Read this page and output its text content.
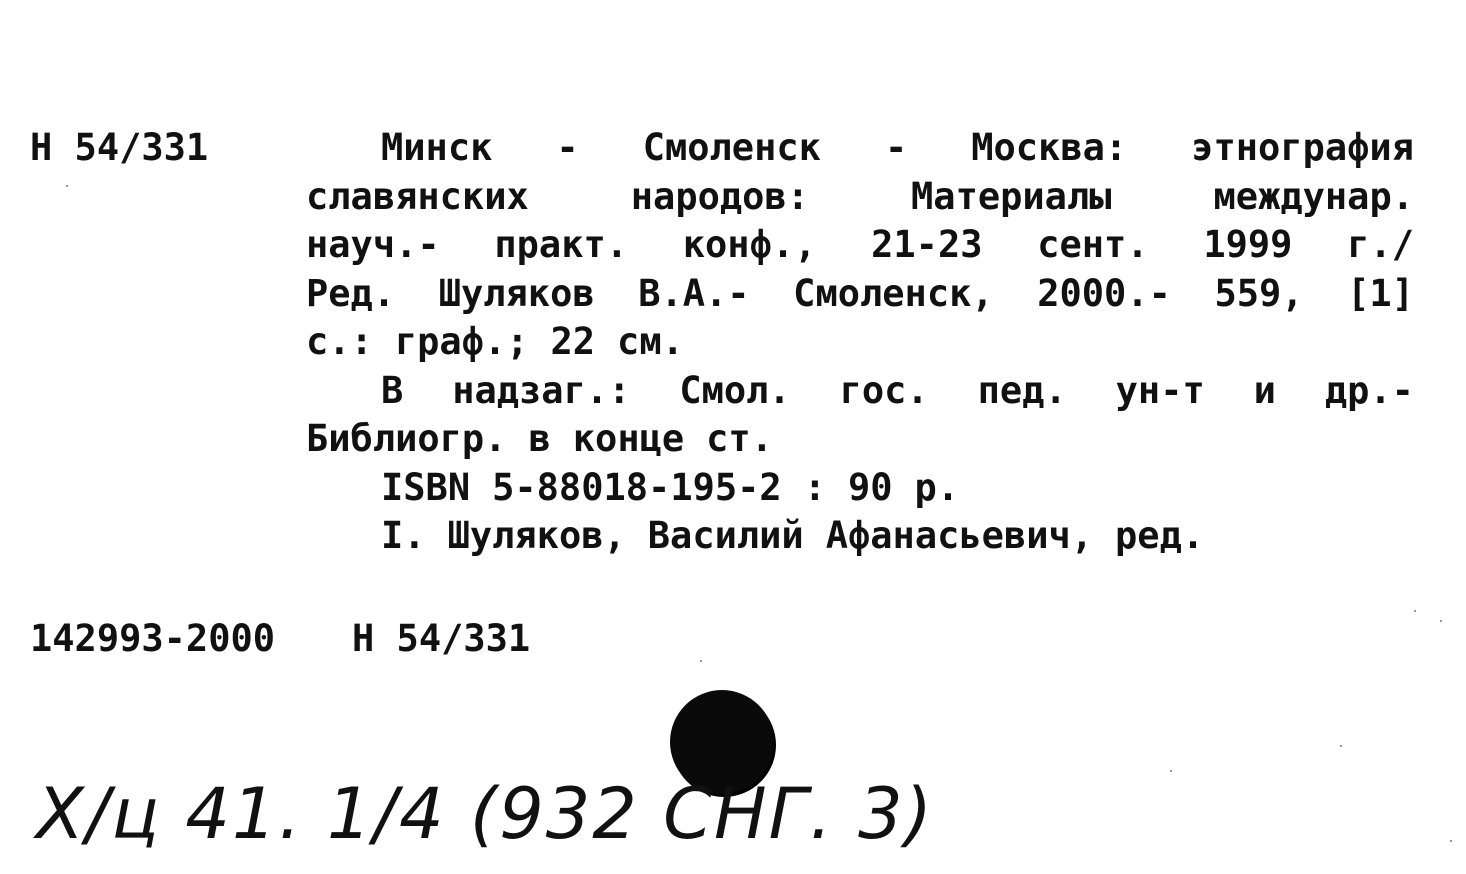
Н 54/331	Минск - Смоленск - Москва: этнография
славянских	народов:	Материалы	междунар.
науч.- практ. конф., 21-23 сент. 1999 г./
Ред. Шуляков В.А.- Смоленск, 2000.- 559, [1]
с.: граф.; 22 см.
В надзаг.: Смол. гос. пед. ун-т и др.-
Библиогр. в конце ст.
ISBN 5-88018-195-2 : 90 р.
I. Шуляков, Василий Афанасьевич, ред.
142993-2000 Н 54/331
Х/ц 41. 1/4 (932 СНГ. 3)
